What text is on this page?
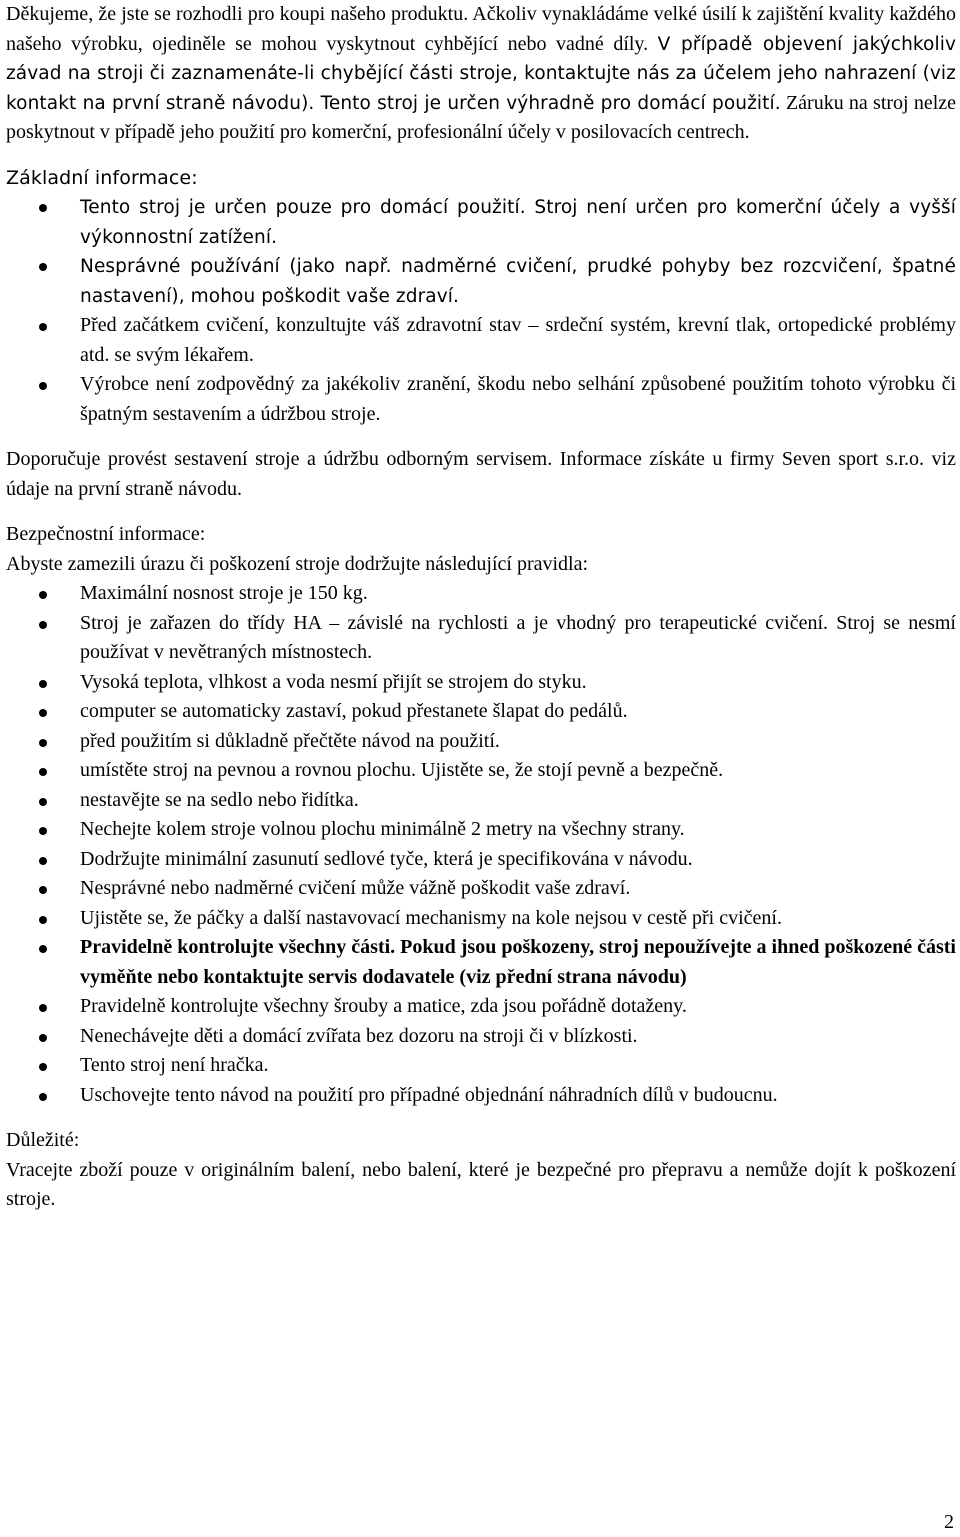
Děkujeme, že jste se rozhodli pro koupi našeho produktu. Ačkoliv vynakládáme velké úsilí k zajištění kvality každého našeho výrobku, ojediněle se mohou vyskytnout cyhbějící nebo vadné díly. V případě objevení jakýchkoliv závad na stroji či zaznamenáte-li chybějící části stroje, kontaktujte nás za účelem jeho nahrazení (viz kontakt na první straně návodu). Tento stroj je určen výhradně pro domácí použití. Záruku na stroj nelze poskytnout v případě jeho použití pro komerční, profesionální účely v posilovacích centrech.

Základní informace:
Tento stroj je určen pouze pro domácí použití. Stroj není určen pro komerční účely a vyšší výkonnostní zatížení.
Nesprávné používání (jako např. nadměrné cvičení, prudké pohyby bez rozcvičení, špatné nastavení), mohou poškodit vaše zdraví.
Před začátkem cvičení, konzultujte váš zdravotní stav – srdeční systém, krevní tlak, ortopedické problémy atd. se svým lékařem.
Výrobce není zodpovědný za jakékoliv zranění, škodu nebo selhání způsobené použitím tohoto výrobku či špatným sestavením a údržbou stroje.

Doporučuje provést sestavení stroje a údržbu odborným servisem. Informace získáte u firmy Seven sport s.r.o. viz údaje na první straně návodu.

Bezpečnostní informace:

Abyste zamezili úrazu či poškození stroje dodržujte následující pravidla:

Maximální nosnost stroje je 150 kg.
Stroj je zařazen do třídy HA – závislé na rychlosti a je vhodný pro terapeutické cvičení. Stroj se nesmí používat v nevětraných místnostech.
Vysoká teplota, vlhkost a voda nesmí přijít se strojem do styku.
computer se automaticky zastaví, pokud přestanete šlapat do pedálů.
před použitím si důkladně přečtěte návod na použití.
umístěte stroj na pevnou a rovnou plochu. Ujistěte se, že stojí pevně a bezpečně.
nestavějte se na sedlo nebo řidítka.
Nechejte kolem stroje volnou plochu minimálně 2 metry na všechny strany.
Dodržujte minimální zasunutí sedlové tyče, která je specifikována v návodu.
Nesprávné nebo nadměrné cvičení může vážně poškodit vaše zdraví.
Ujistěte se, že páčky a další nastavovací mechanismy na kole nejsou v cestě při cvičení.
Pravidelně kontrolujte všechny části. Pokud jsou poškozeny, stroj nepoužívejte a ihned poškozené části vyměňte nebo kontaktujte servis dodavatele (viz přední strana návodu)
Pravidelně kontrolujte všechny šrouby a matice, zda jsou pořádně dotaženy.
Nenechávejte děti a domácí zvířata bez dozoru na stroji či v blízkosti.
Tento stroj není hračka.
Uschovejte tento návod na použití pro případné objednání náhradních dílů v budoucnu.
Důležité:

Vracejte zboží pouze v originálním balení, nebo balení, které je bezpečné pro přepravu a nemůže dojít k poškození stroje.

2
